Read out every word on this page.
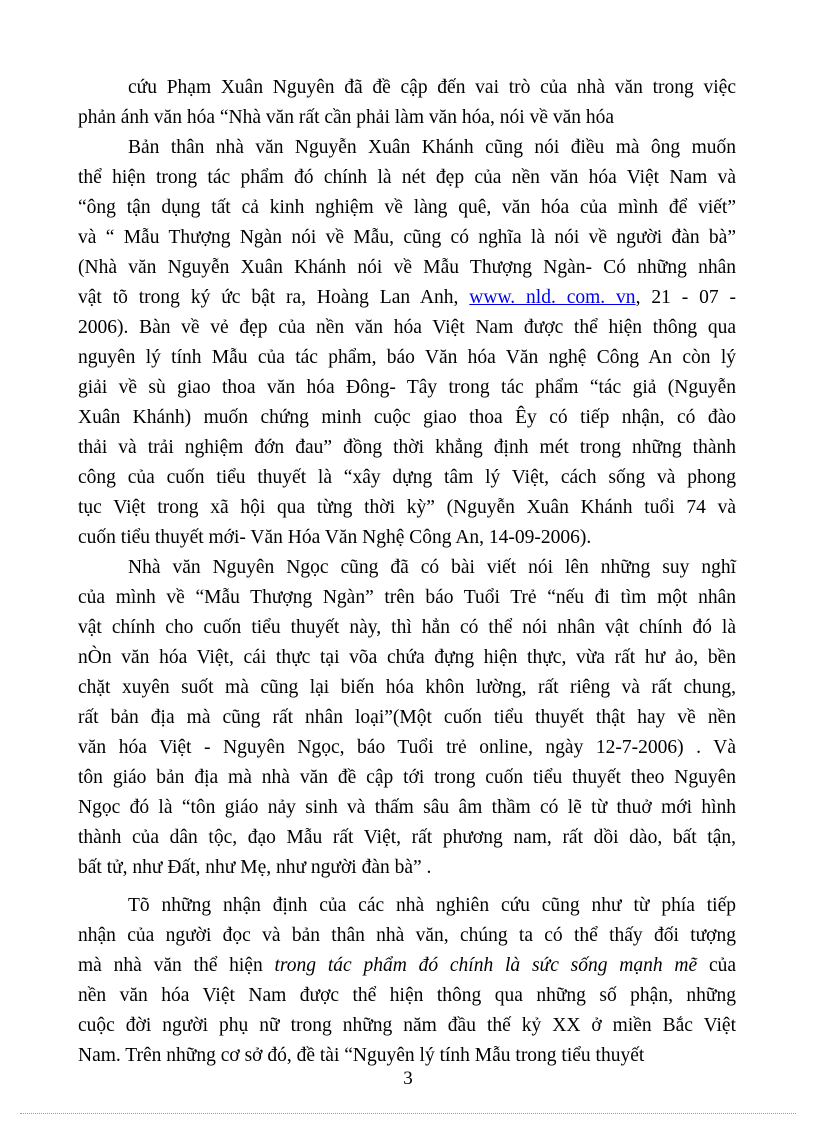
cứu Phạm Xuân Nguyên đã đề cập đến vai trò của nhà văn trong việc
phản ánh văn hóa “Nhà văn rất cần phải làm văn hóa, nói về văn hóa
Bản thân nhà văn Nguyễn Xuân Khánh cũng nói điều mà ông muốn
thể hiện trong tác phẩm đó chính là nét đẹp của nền văn hóa Việt Nam và
“ông tận dụng tất cả kinh nghiệm về làng quê, văn hóa của mình để viết”
và “ Mẫu Thượng Ngàn nói về Mẫu, cũng có nghĩa là nói về người đàn bà”
(Nhà văn Nguyễn Xuân Khánh nói về Mẫu Thượng Ngàn- Có những nhân
vật tõ trong ký ức bật ra, Hoàng Lan Anh, www. nld. com. vn, 21 - 07 -
2006). Bàn về vẻ đẹp của nền văn hóa Việt Nam được thể hiện thông qua
nguyên lý tính Mẫu của tác phẩm, báo Văn hóa Văn nghệ Công An còn lý
giải về sù giao thoa văn hóa Đông- Tây trong tác phẩm “tác giả (Nguyễn
Xuân Khánh) muốn chứng minh cuộc giao thoa Êy có tiếp nhận, có đào
thải và trải nghiệm đớn đau” đồng thời khẳng định mét trong những thành
công của cuốn tiểu thuyết là “xây dựng tâm lý Việt, cách sống và phong
tục Việt trong xã hội qua từng thời kỳ” (Nguyễn Xuân Khánh tuổi 74 và
cuốn tiểu thuyết mới- Văn Hóa Văn Nghệ Công An, 14-09-2006).
Nhà văn Nguyên Ngọc cũng đã có bài viết nói lên những suy nghĩ
của mình về “Mẫu Thượng Ngàn” trên báo Tuổi Trẻ “nếu đi tìm một nhân
vật chính cho cuốn tiểu thuyết này, thì hẳn có thể nói nhân vật chính đó là
nÒn văn hóa Việt, cái thực tại võa chứa đựng hiện thực, vừa rất hư ảo, bền
chặt xuyên suốt mà cũng lại biến hóa khôn lường, rất riêng và rất chung,
rất bản địa mà cũng rất nhân loại”(Một cuốn tiểu thuyết thật hay về nền
văn hóa Việt - Nguyên Ngọc, báo Tuổi trẻ online, ngày 12-7-2006) . Và
tôn giáo bản địa mà nhà văn đề cập tới trong cuốn tiểu thuyết theo Nguyên
Ngọc đó là “tôn giáo nảy sinh và thấm sâu âm thầm có lẽ từ thuở mới hình
thành của dân tộc, đạo Mẫu rất Việt, rất phương nam, rất dồi dào, bất tận,
bất tử, như Đất, như Mẹ, như người đàn bà” .
Tõ những nhận định của các nhà nghiên cứu cũng như từ phía tiếp
nhận của người đọc và bản thân nhà văn, chúng ta có thể thấy đối tượng
mà nhà văn thể hiện trong tác phẩm đó chính là sức sống mạnh mẽ của
nền văn hóa Việt Nam được thể hiện thông qua những số phận, những
cuộc đời người phụ nữ trong những năm đầu thế kỷ XX ở miền Bắc Việt
Nam. Trên những cơ sở đó, đề tài “Nguyên lý tính Mẫu trong tiểu thuyết
3
